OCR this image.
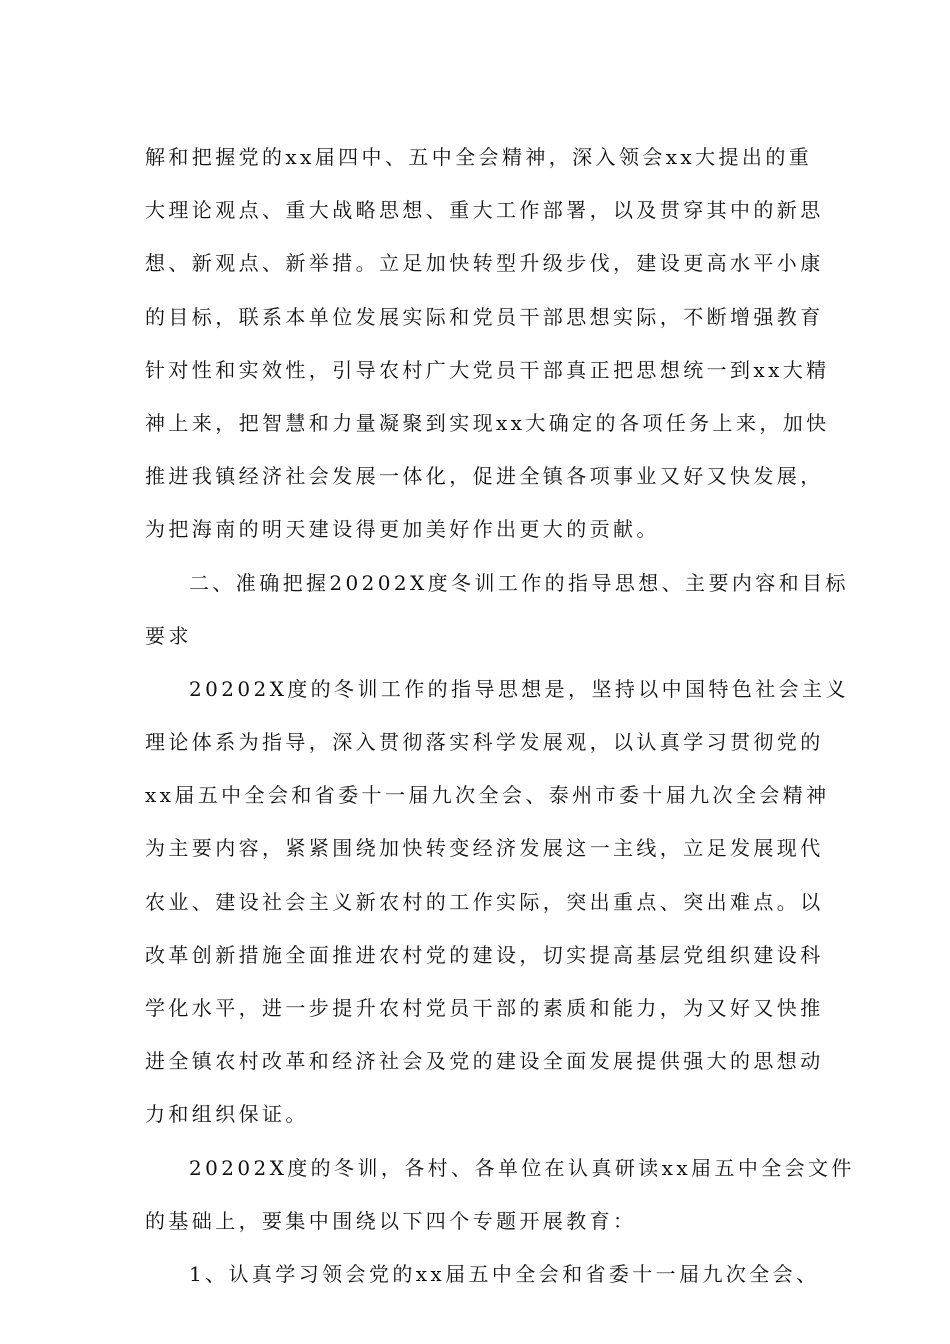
解和把握党的xx届四中、五中全会精神，深入领会xx大提出的重
大理论观点、重大战略思想、重大工作部署，以及贯穿其中的新思
想、新观点、新举措。立足加快转型升级步伐，建设更高水平小康
的目标，联系本单位发展实际和党员干部思想实际，不断增强教育
针对性和实效性，引导农村广大党员干部真正把思想统一到xx大精
神上来，把智慧和力量凝聚到实现xx大确定的各项任务上来，加快
推进我镇经济社会发展一体化，促进全镇各项事业又好又快发展，
为把海南的明天建设得更加美好作出更大的贡献。
二、准确把握20202X度冬训工作的指导思想、主要内容和目标
要求
20202X度的冬训工作的指导思想是，坚持以中国特色社会主义
理论体系为指导，深入贯彻落实科学发展观，以认真学习贯彻党的
xx届五中全会和省委十一届九次全会、泰州市委十届九次全会精神
为主要内容，紧紧围绕加快转变经济发展这一主线，立足发展现代
农业、建设社会主义新农村的工作实际，突出重点、突出难点。以
改革创新措施全面推进农村党的建设，切实提高基层党组织建设科
学化水平，进一步提升农村党员干部的素质和能力，为又好又快推
进全镇农村改革和经济社会及党的建设全面发展提供强大的思想动
力和组织保证。
20202X度的冬训，各村、各单位在认真研读xx届五中全会文件
的基础上，要集中围绕以下四个专题开展教育：
1、认真学习领会党的xx届五中全会和省委十一届九次全会、
